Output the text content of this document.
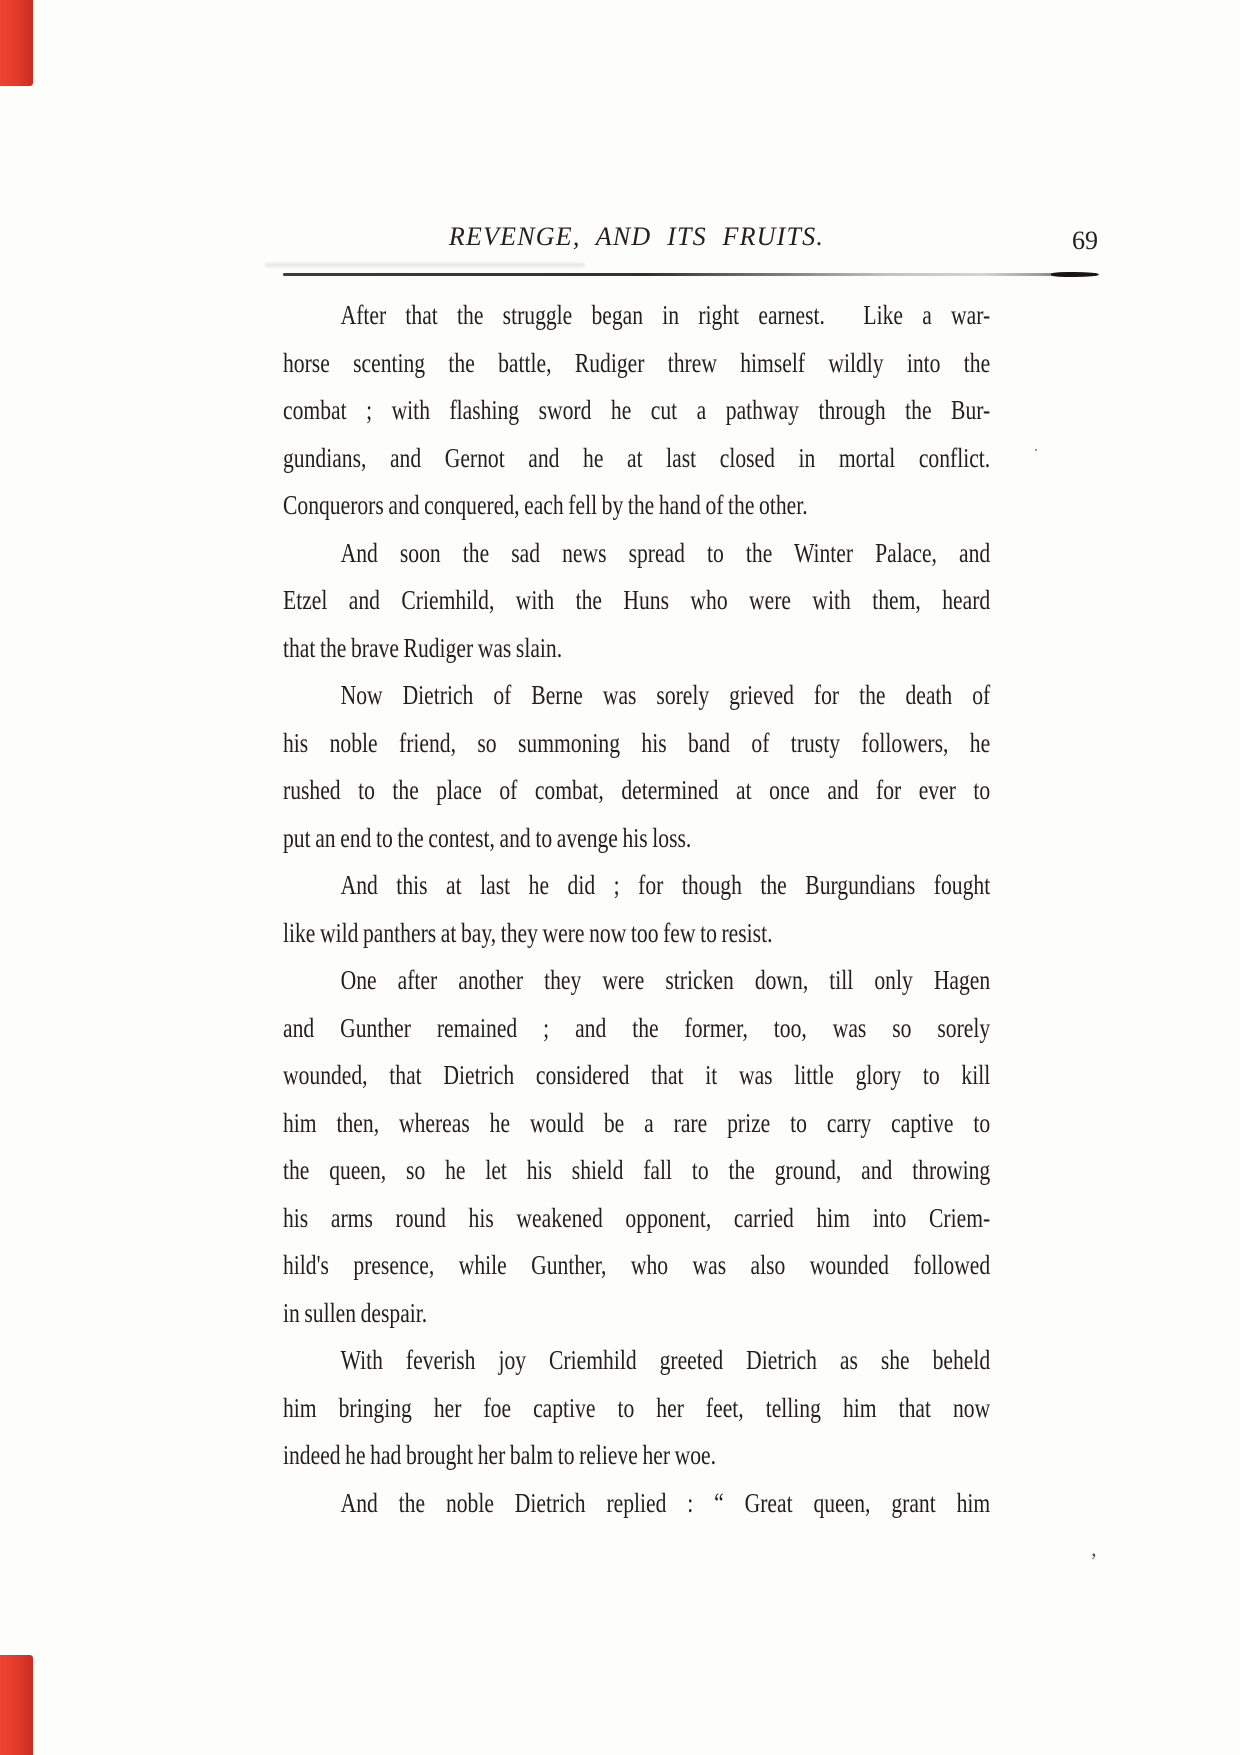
REVENGE, AND ITS FRUITS.	69
After that the struggle began in right earnest.  Like a war-
horse scenting the battle, Rudiger threw himself wildly into the
combat ; with flashing sword he cut a pathway through the Bur-
gundians, and Gernot and he at last closed in mortal conflict.
Conquerors and conquered, each fell by the hand of the other.
And soon the sad news spread to the Winter Palace, and
Etzel and Criemhild, with the Huns who were with them, heard
that the brave Rudiger was slain.
Now Dietrich of Berne was sorely grieved for the death of
his noble friend, so summoning his band of trusty followers, he
rushed to the place of combat, determined at once and for ever to
put an end to the contest, and to avenge his loss.
And this at last he did ; for though the Burgundians fought
like wild panthers at bay, they were now too few to resist.
One after another they were stricken down, till only Hagen
and Gunther remained ; and the former, too, was so sorely
wounded, that Dietrich considered that it was little glory to kill
him then, whereas he would be a rare prize to carry captive to
the queen, so he let his shield fall to the ground, and throwing
his arms round his weakened opponent, carried him into Criem-
hild's presence, while Gunther, who was also wounded followed
in sullen despair.
With feverish joy Criemhild greeted Dietrich as she beheld
him bringing her foe captive to her feet, telling him that now
indeed he had brought her balm to relieve her woe.
And the noble Dietrich replied : “ Great queen, grant him
·
’
